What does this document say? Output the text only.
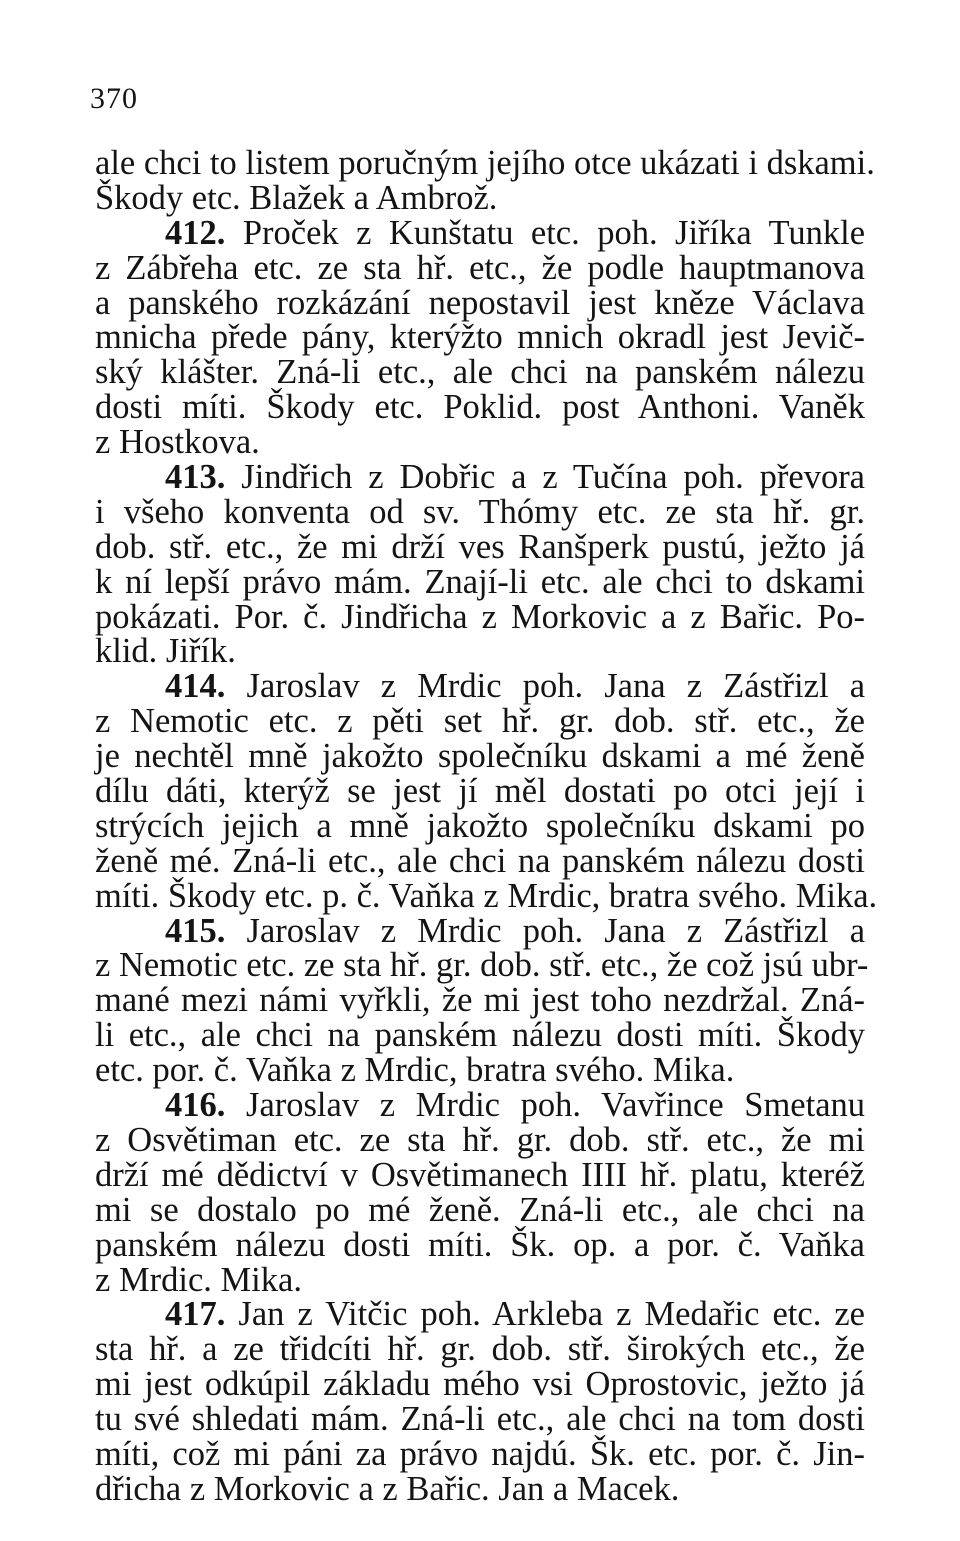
370
ale chci to listem poručným jejího otce ukázati i dskami.
Škody etc. Blažek a Ambrož.
412. Proček z Kunštatu etc. poh. Jiříka Tunkle
z Zábřeha etc. ze sta hř. etc., že podle hauptmanova
a panského rozkázání nepostavil jest kněze Václava
mnicha přede pány, kterýžto mnich okradl jest Jevič-
ský klášter. Zná-li etc., ale chci na panském nálezu
dosti míti. Škody etc. Poklid. post Anthoni. Vaněk
z Hostkova.
413. Jindřich z Dobřic a z Tučína poh. převora
i všeho konventa od sv. Thómy etc. ze sta hř. gr.
dob. stř. etc., že mi drží ves Ranšperk pustú, ježto já
k ní lepší právo mám. Znají-li etc. ale chci to dskami
pokázati. Por. č. Jindřicha z Morkovic a z Bařic. Po-
klid. Jiřík.
414. Jaroslav z Mrdic poh. Jana z Zástřizl a
z Nemotic etc. z pěti set hř. gr. dob. stř. etc., že
je nechtěl mně jakožto společníku dskami a mé ženě
dílu dáti, kterýž se jest jí měl dostati po otci její i
strýcích jejich a mně jakožto společníku dskami po
ženě mé. Zná-li etc., ale chci na panském nálezu dosti
míti. Škody etc. p. č. Vaňka z Mrdic, bratra svého. Mika.
415. Jaroslav z Mrdic poh. Jana z Zástřizl a
z Nemotic etc. ze sta hř. gr. dob. stř. etc., že což jsú ubr-
mané mezi námi vyřkli, že mi jest toho nezdržal. Zná-
li etc., ale chci na panském nálezu dosti míti. Škody
etc. por. č. Vaňka z Mrdic, bratra svého. Mika.
416. Jaroslav z Mrdic poh. Vavřince Smetanu
z Osvětiman etc. ze sta hř. gr. dob. stř. etc., že mi
drží mé dědictví v Osvětimanech IIII hř. platu, kteréž
mi se dostalo po mé ženě. Zná-li etc., ale chci na
panském nálezu dosti míti. Šk. op. a por. č. Vaňka
z Mrdic. Mika.
417. Jan z Vitčic poh. Arkleba z Medařic etc. ze
sta hř. a ze třidcíti hř. gr. dob. stř. širokých etc., že
mi jest odkúpil základu mého vsi Oprostovic, ježto já
tu své shledati mám. Zná-li etc., ale chci na tom dosti
míti, což mi páni za právo najdú. Šk. etc. por. č. Jin-
dřicha z Morkovic a z Bařic. Jan a Macek.
